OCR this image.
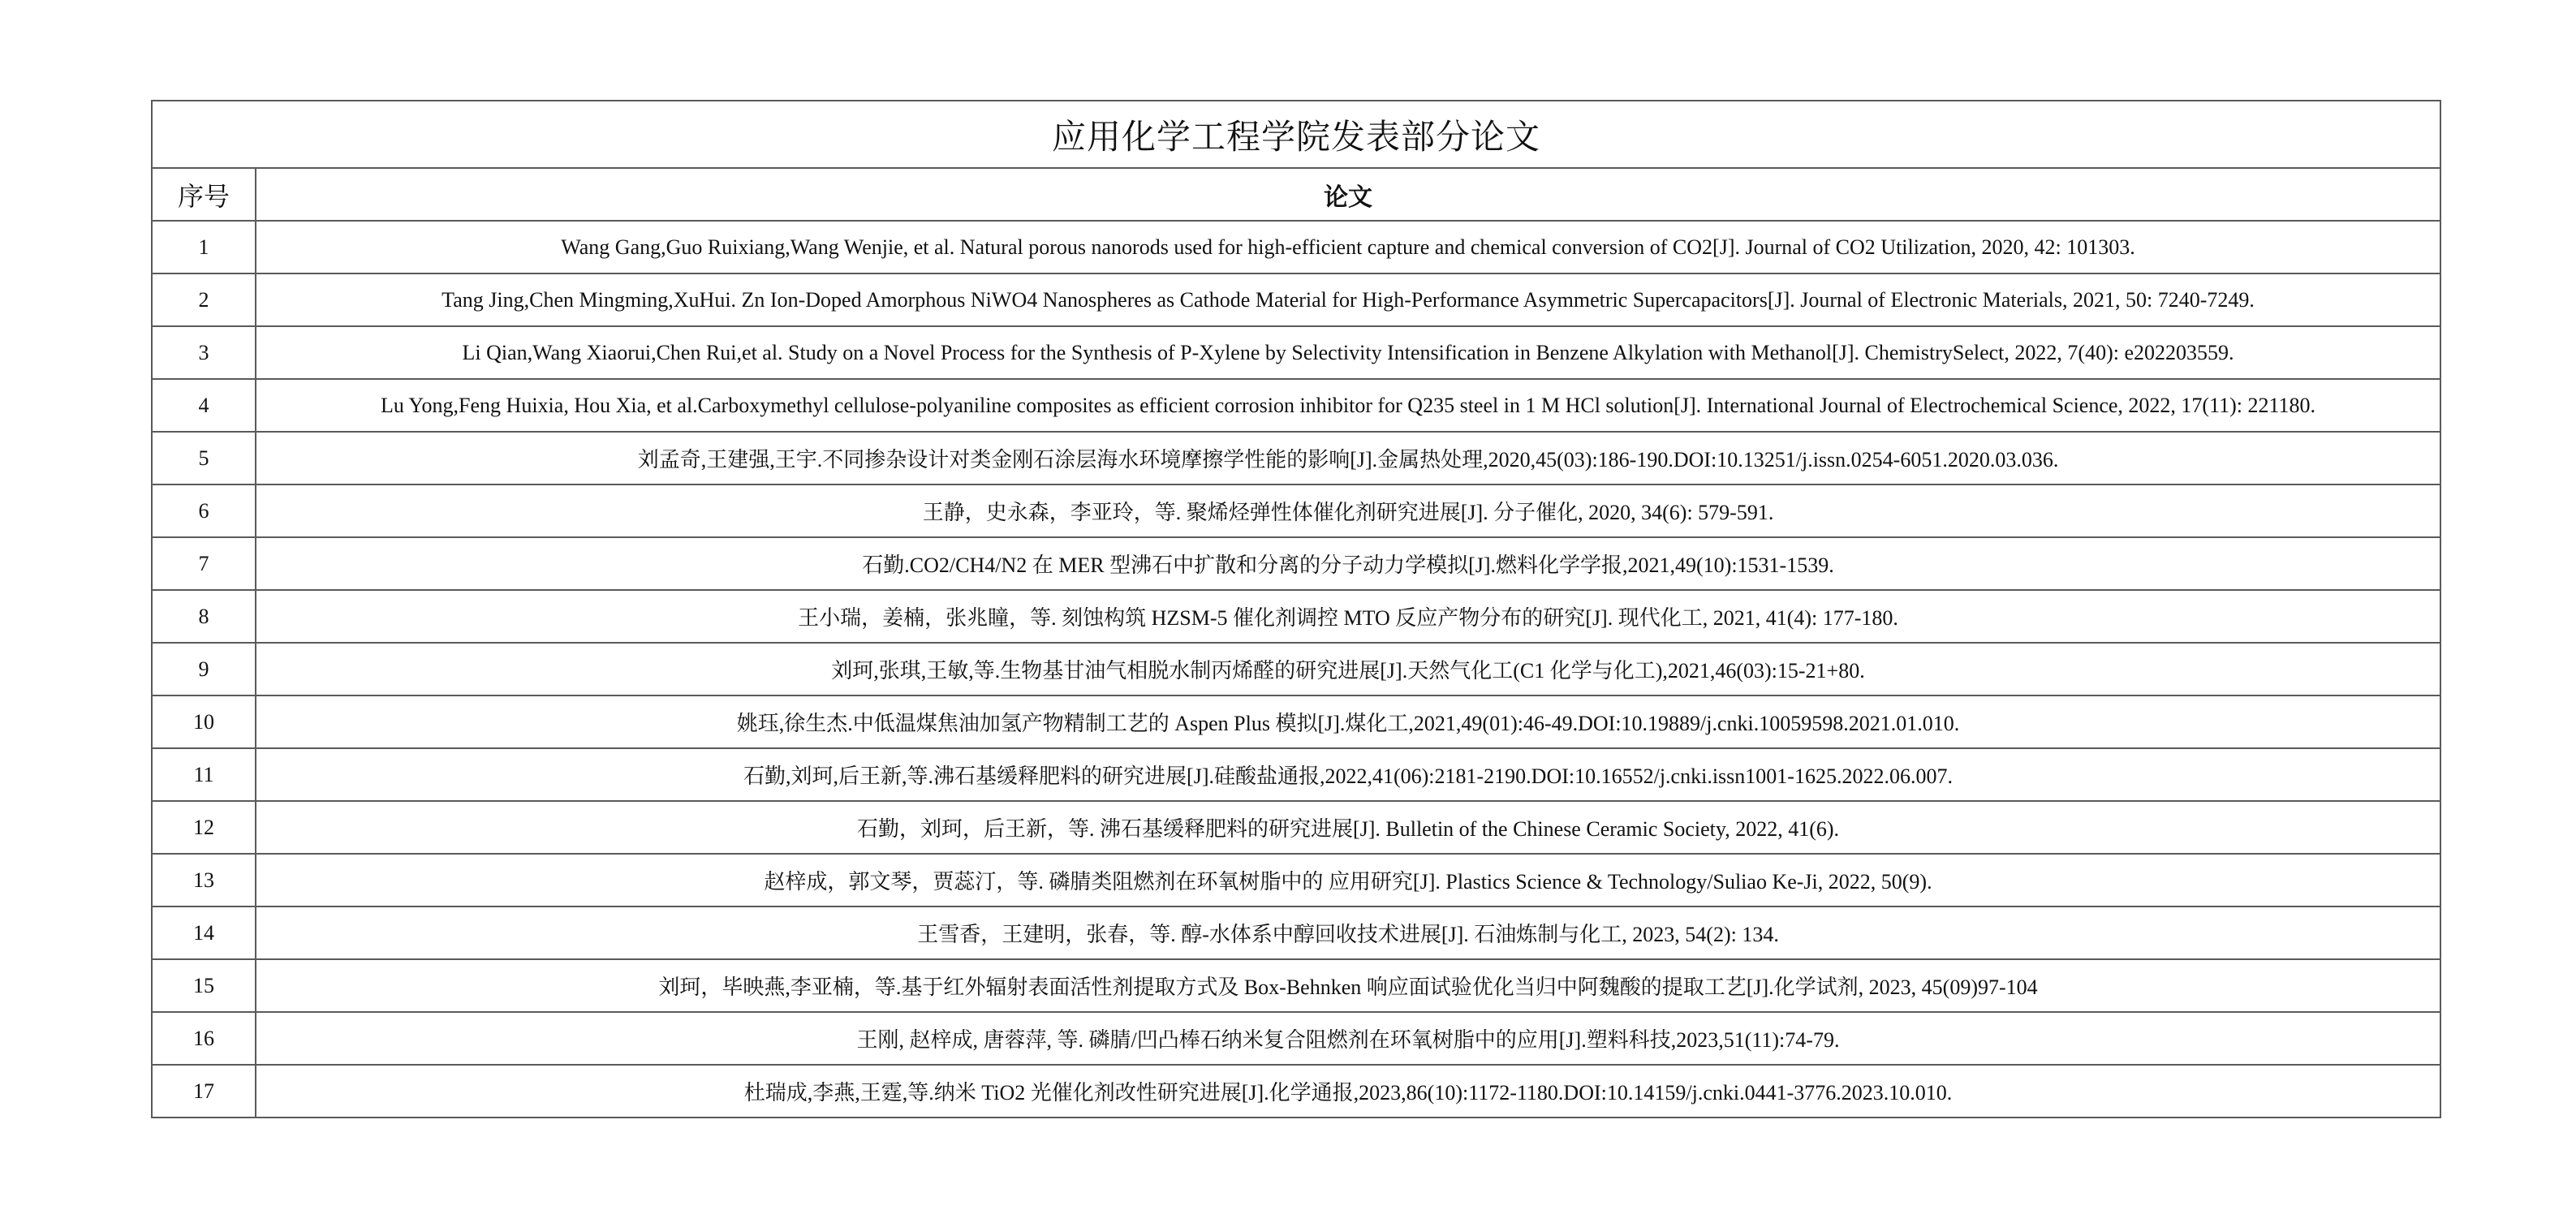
应用化学工程学院发表部分论文	
序号	论文
1	Wang Gang,Guo Ruixiang,Wang Wenjie, et al. Natural porous nanorods used for high-efficient capture and chemical conversion of CO2[J]. Journal of CO2 Utilization, 2020, 42: 101303.
2	Tang Jing,Chen Mingming,XuHui. Zn Ion-Doped Amorphous NiWO4 Nanospheres as Cathode Material for High-Performance Asymmetric Supercapacitors[J]. Journal of Electronic Materials, 2021, 50: 7240-7249.
3	Li Qian,Wang Xiaorui,Chen Rui,et al. Study on a Novel Process for the Synthesis of P-Xylene by Selectivity Intensification in Benzene Alkylation with Methanol[J]. ChemistrySelect, 2022, 7(40): e202203559.
4	Lu Yong,Feng Huixia, Hou Xia, et al.Carboxymethyl cellulose-polyaniline composites as efficient corrosion inhibitor for Q235 steel in 1 M HCl solution[J]. International Journal of Electrochemical Science, 2022, 17(11): 221180.
5	刘孟奇,王建强,王宇.不同掺杂设计对类金刚石涂层海水环境摩擦学性能的影响[J].金属热处理,2020,45(03):186-190.DOI:10.13251/j.issn.0254-6051.2020.03.036.
6	王静，史永森，李亚玲，等. 聚烯烃弹性体催化剂研究进展[J]. 分子催化, 2020, 34(6): 579-591.
7	石勤.CO2/CH4/N2 在 MER 型沸石中扩散和分离的分子动力学模拟[J].燃料化学学报,2021,49(10):1531-1539.
8	王小瑞，姜楠，张兆瞳，等. 刻蚀构筑 HZSM-5 催化剂调控 MTO 反应产物分布的研究[J]. 现代化工, 2021, 41(4): 177-180.
9	刘珂,张琪,王敏,等.生物基甘油气相脱水制丙烯醛的研究进展[J].天然气化工(C1 化学与化工),2021,46(03):15-21+80.
10	姚珏,徐生杰.中低温煤焦油加氢产物精制工艺的 Aspen Plus 模拟[J].煤化工,2021,49(01):46-49.DOI:10.19889/j.cnki.10059598.2021.01.010.
11	石勤,刘珂,后王新,等.沸石基缓释肥料的研究进展[J].硅酸盐通报,2022,41(06):2181-2190.DOI:10.16552/j.cnki.issn1001-1625.2022.06.007.
12	石勤，刘珂，后王新，等. 沸石基缓释肥料的研究进展[J]. Bulletin of the Chinese Ceramic Society, 2022, 41(6).
13	赵梓成，郭文琴，贾蕊汀，等. 磷腈类阻燃剂在环氧树脂中的 应用研究[J]. Plastics Science & Technology/Suliao Ke-Ji, 2022, 50(9).
14	王雪香，王建明，张春，等. 醇-水体系中醇回收技术进展[J]. 石油炼制与化工, 2023, 54(2): 134.
15	刘珂，毕映燕,李亚楠，等.基于红外辐射表面活性剂提取方式及 Box-Behnken 响应面试验优化当归中阿魏酸的提取工艺[J].化学试剂, 2023, 45(09)97-104
16	王刚, 赵梓成, 唐蓉萍, 等. 磷腈/凹凸棒石纳米复合阻燃剂在环氧树脂中的应用[J].塑料科技,2023,51(11):74-79.
17	杜瑞成,李燕,王霆,等.纳米 TiO2 光催化剂改性研究进展[J].化学通报,2023,86(10):1172-1180.DOI:10.14159/j.cnki.0441-3776.2023.10.010.
